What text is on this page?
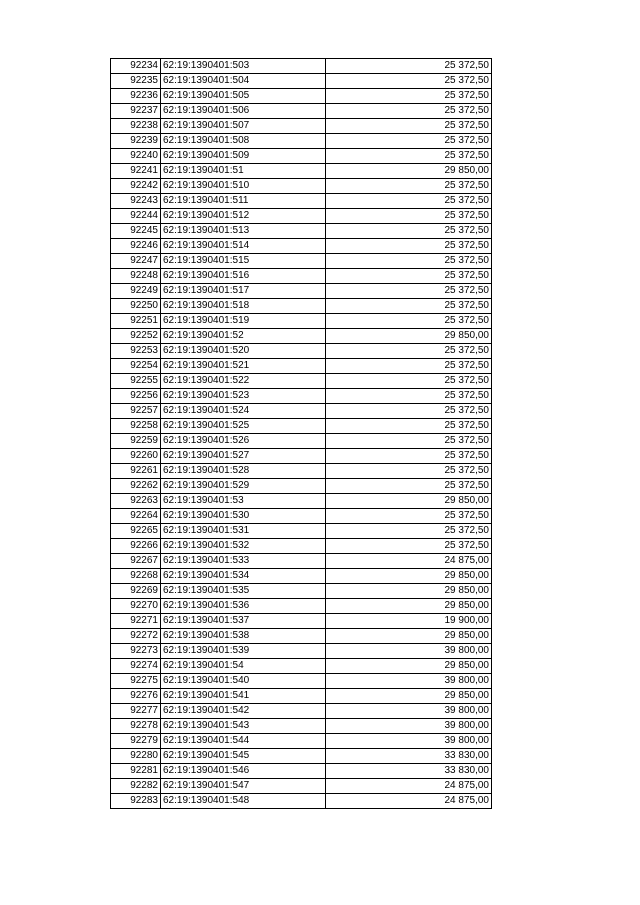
92234	62:19:1390401:503	25 372,50
92235	62:19:1390401:504	25 372,50
92236	62:19:1390401:505	25 372,50
92237	62:19:1390401:506	25 372,50
92238	62:19:1390401:507	25 372,50
92239	62:19:1390401:508	25 372,50
92240	62:19:1390401:509	25 372,50
92241	62:19:1390401:51	29 850,00
92242	62:19:1390401:510	25 372,50
92243	62:19:1390401:511	25 372,50
92244	62:19:1390401:512	25 372,50
92245	62:19:1390401:513	25 372,50
92246	62:19:1390401:514	25 372,50
92247	62:19:1390401:515	25 372,50
92248	62:19:1390401:516	25 372,50
92249	62:19:1390401:517	25 372,50
92250	62:19:1390401:518	25 372,50
92251	62:19:1390401:519	25 372,50
92252	62:19:1390401:52	29 850,00
92253	62:19:1390401:520	25 372,50
92254	62:19:1390401:521	25 372,50
92255	62:19:1390401:522	25 372,50
92256	62:19:1390401:523	25 372,50
92257	62:19:1390401:524	25 372,50
92258	62:19:1390401:525	25 372,50
92259	62:19:1390401:526	25 372,50
92260	62:19:1390401:527	25 372,50
92261	62:19:1390401:528	25 372,50
92262	62:19:1390401:529	25 372,50
92263	62:19:1390401:53	29 850,00
92264	62:19:1390401:530	25 372,50
92265	62:19:1390401:531	25 372,50
92266	62:19:1390401:532	25 372,50
92267	62:19:1390401:533	24 875,00
92268	62:19:1390401:534	29 850,00
92269	62:19:1390401:535	29 850,00
92270	62:19:1390401:536	29 850,00
92271	62:19:1390401:537	19 900,00
92272	62:19:1390401:538	29 850,00
92273	62:19:1390401:539	39 800,00
92274	62:19:1390401:54	29 850,00
92275	62:19:1390401:540	39 800,00
92276	62:19:1390401:541	29 850,00
92277	62:19:1390401:542	39 800,00
92278	62:19:1390401:543	39 800,00
92279	62:19:1390401:544	39 800,00
92280	62:19:1390401:545	33 830,00
92281	62:19:1390401:546	33 830,00
92282	62:19:1390401:547	24 875,00
92283	62:19:1390401:548	24 875,00
